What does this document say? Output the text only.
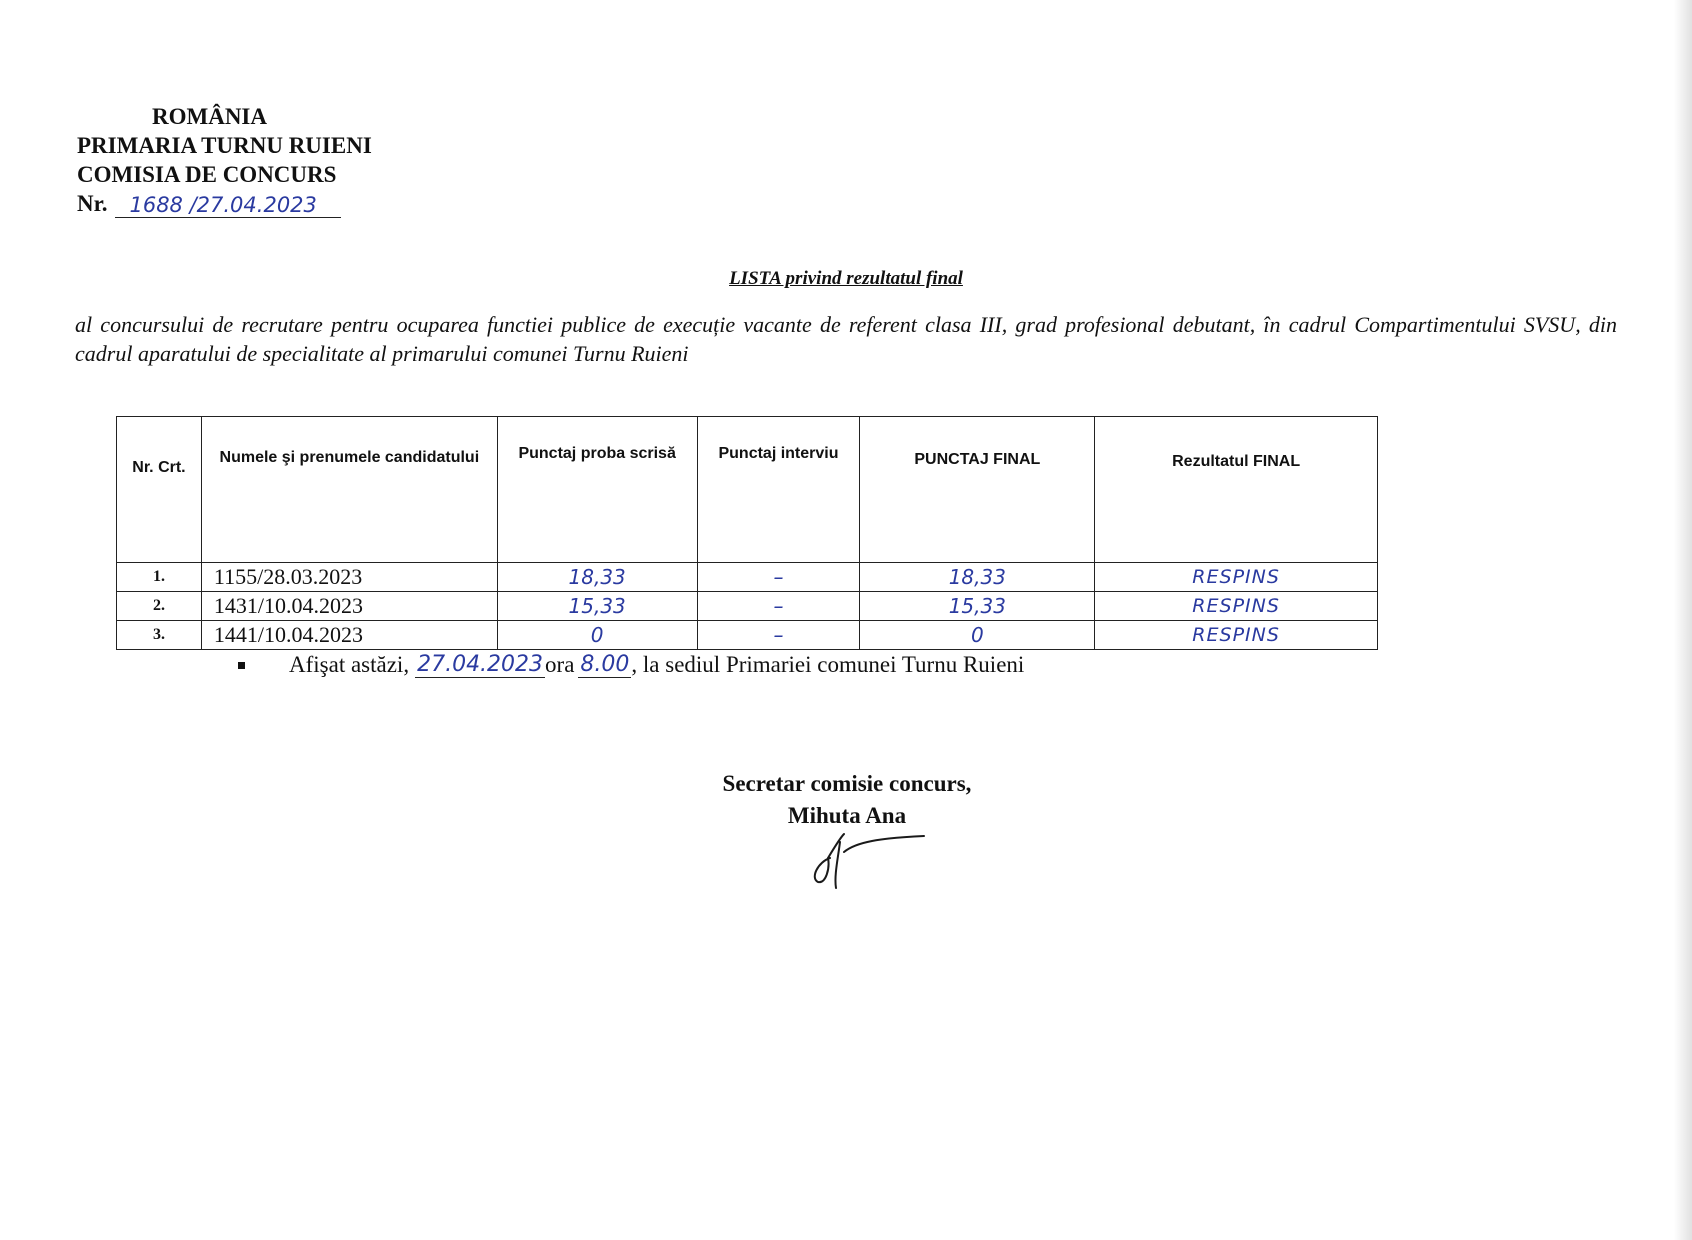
ROMÂNIA
PRIMARIA TURNU RUIENI
COMISIA DE CONCURS
Nr.	1688 /27.04.2023
LISTA privind rezultatul final
al concursului de recrutare pentru ocuparea functiei publice de execuție vacante de referent clasa III, grad profesional debutant, în cadrul Compartimentului SVSU, din cadrul aparatului de specialitate al primarului comunei Turnu Ruieni
Nr. Crt.	Numele şi prenumele candidatului	Punctaj proba scrisă	Punctaj interviu	PUNCTAJ FINAL	Rezultatul FINAL
1.	1155/28.03.2023	18,33	–	18,33	RESPINS
2.	1431/10.04.2023	15,33	–	15,33	RESPINS
3.	1441/10.04.2023	0	–	0	RESPINS
Afişat astăzi, 27.04.2023 ora 8.00 , la sediul Primariei comunei Turnu Ruieni
Secretar comisie concurs,
Mihuta Ana
